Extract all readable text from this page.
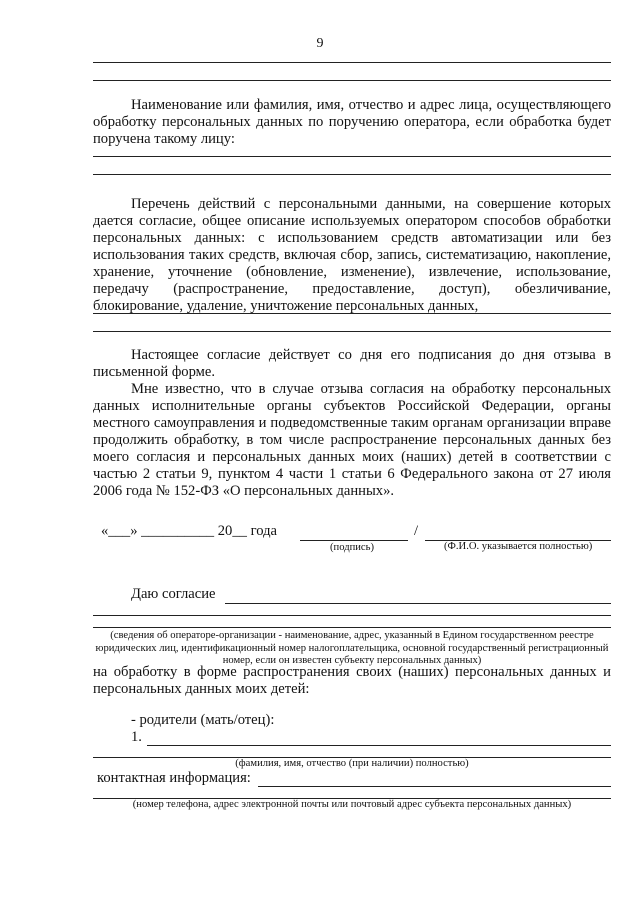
9

Наименование или фамилия, имя, отчество и адрес лица, осуществляющего обработку персональных данных по поручению оператора, если обработка будет поручена такому лицу:

Перечень действий с персональными данными, на совершение которых дается согласие, общее описание используемых оператором способов обработки персональных данных: с использованием средств автоматизации или без использования таких средств, включая сбор, запись, систематизацию, накопление, хранение, уточнение (обновление, изменение), извлечение, использование, передачу (распространение, предоставление, доступ), обезличивание, блокирование, удаление, уничтожение персональных данных,

Настоящее согласие действует со дня его подписания до дня отзыва в письменной форме.

Мне известно, что в случае отзыва согласия на обработку персональных данных исполнительные органы субъектов Российской Федерации, органы местного самоуправления и подведомственные таким органам организации вправе продолжить обработку, в том числе распространение персональных данных без моего согласия и персональных данных моих (наших) детей в соответствии с частью 2 статьи 9, пунктом 4 части 1 статьи 6 Федерального закона от 27 июля 2006 года № 152-ФЗ «О персональных данных».

«___» __________ 20__ года	/
(подпись)	(Ф.И.О. указывается полностью)
Даю согласие
(сведения об операторе-организации - наименование, адрес, указанный в Едином государственном реестре юридических лиц, идентификационный номер налогоплательщика, основной государственный регистрационный номер, если он известен субъекту персональных данных)

на обработку в форме распространения своих (наших) персональных данных и персональных данных моих детей:

- родители (мать/отец):
1.
(фамилия, имя, отчество (при наличии) полностью)
контактная информация:
(номер телефона, адрес электронной почты или почтовый адрес субъекта персональных данных)
